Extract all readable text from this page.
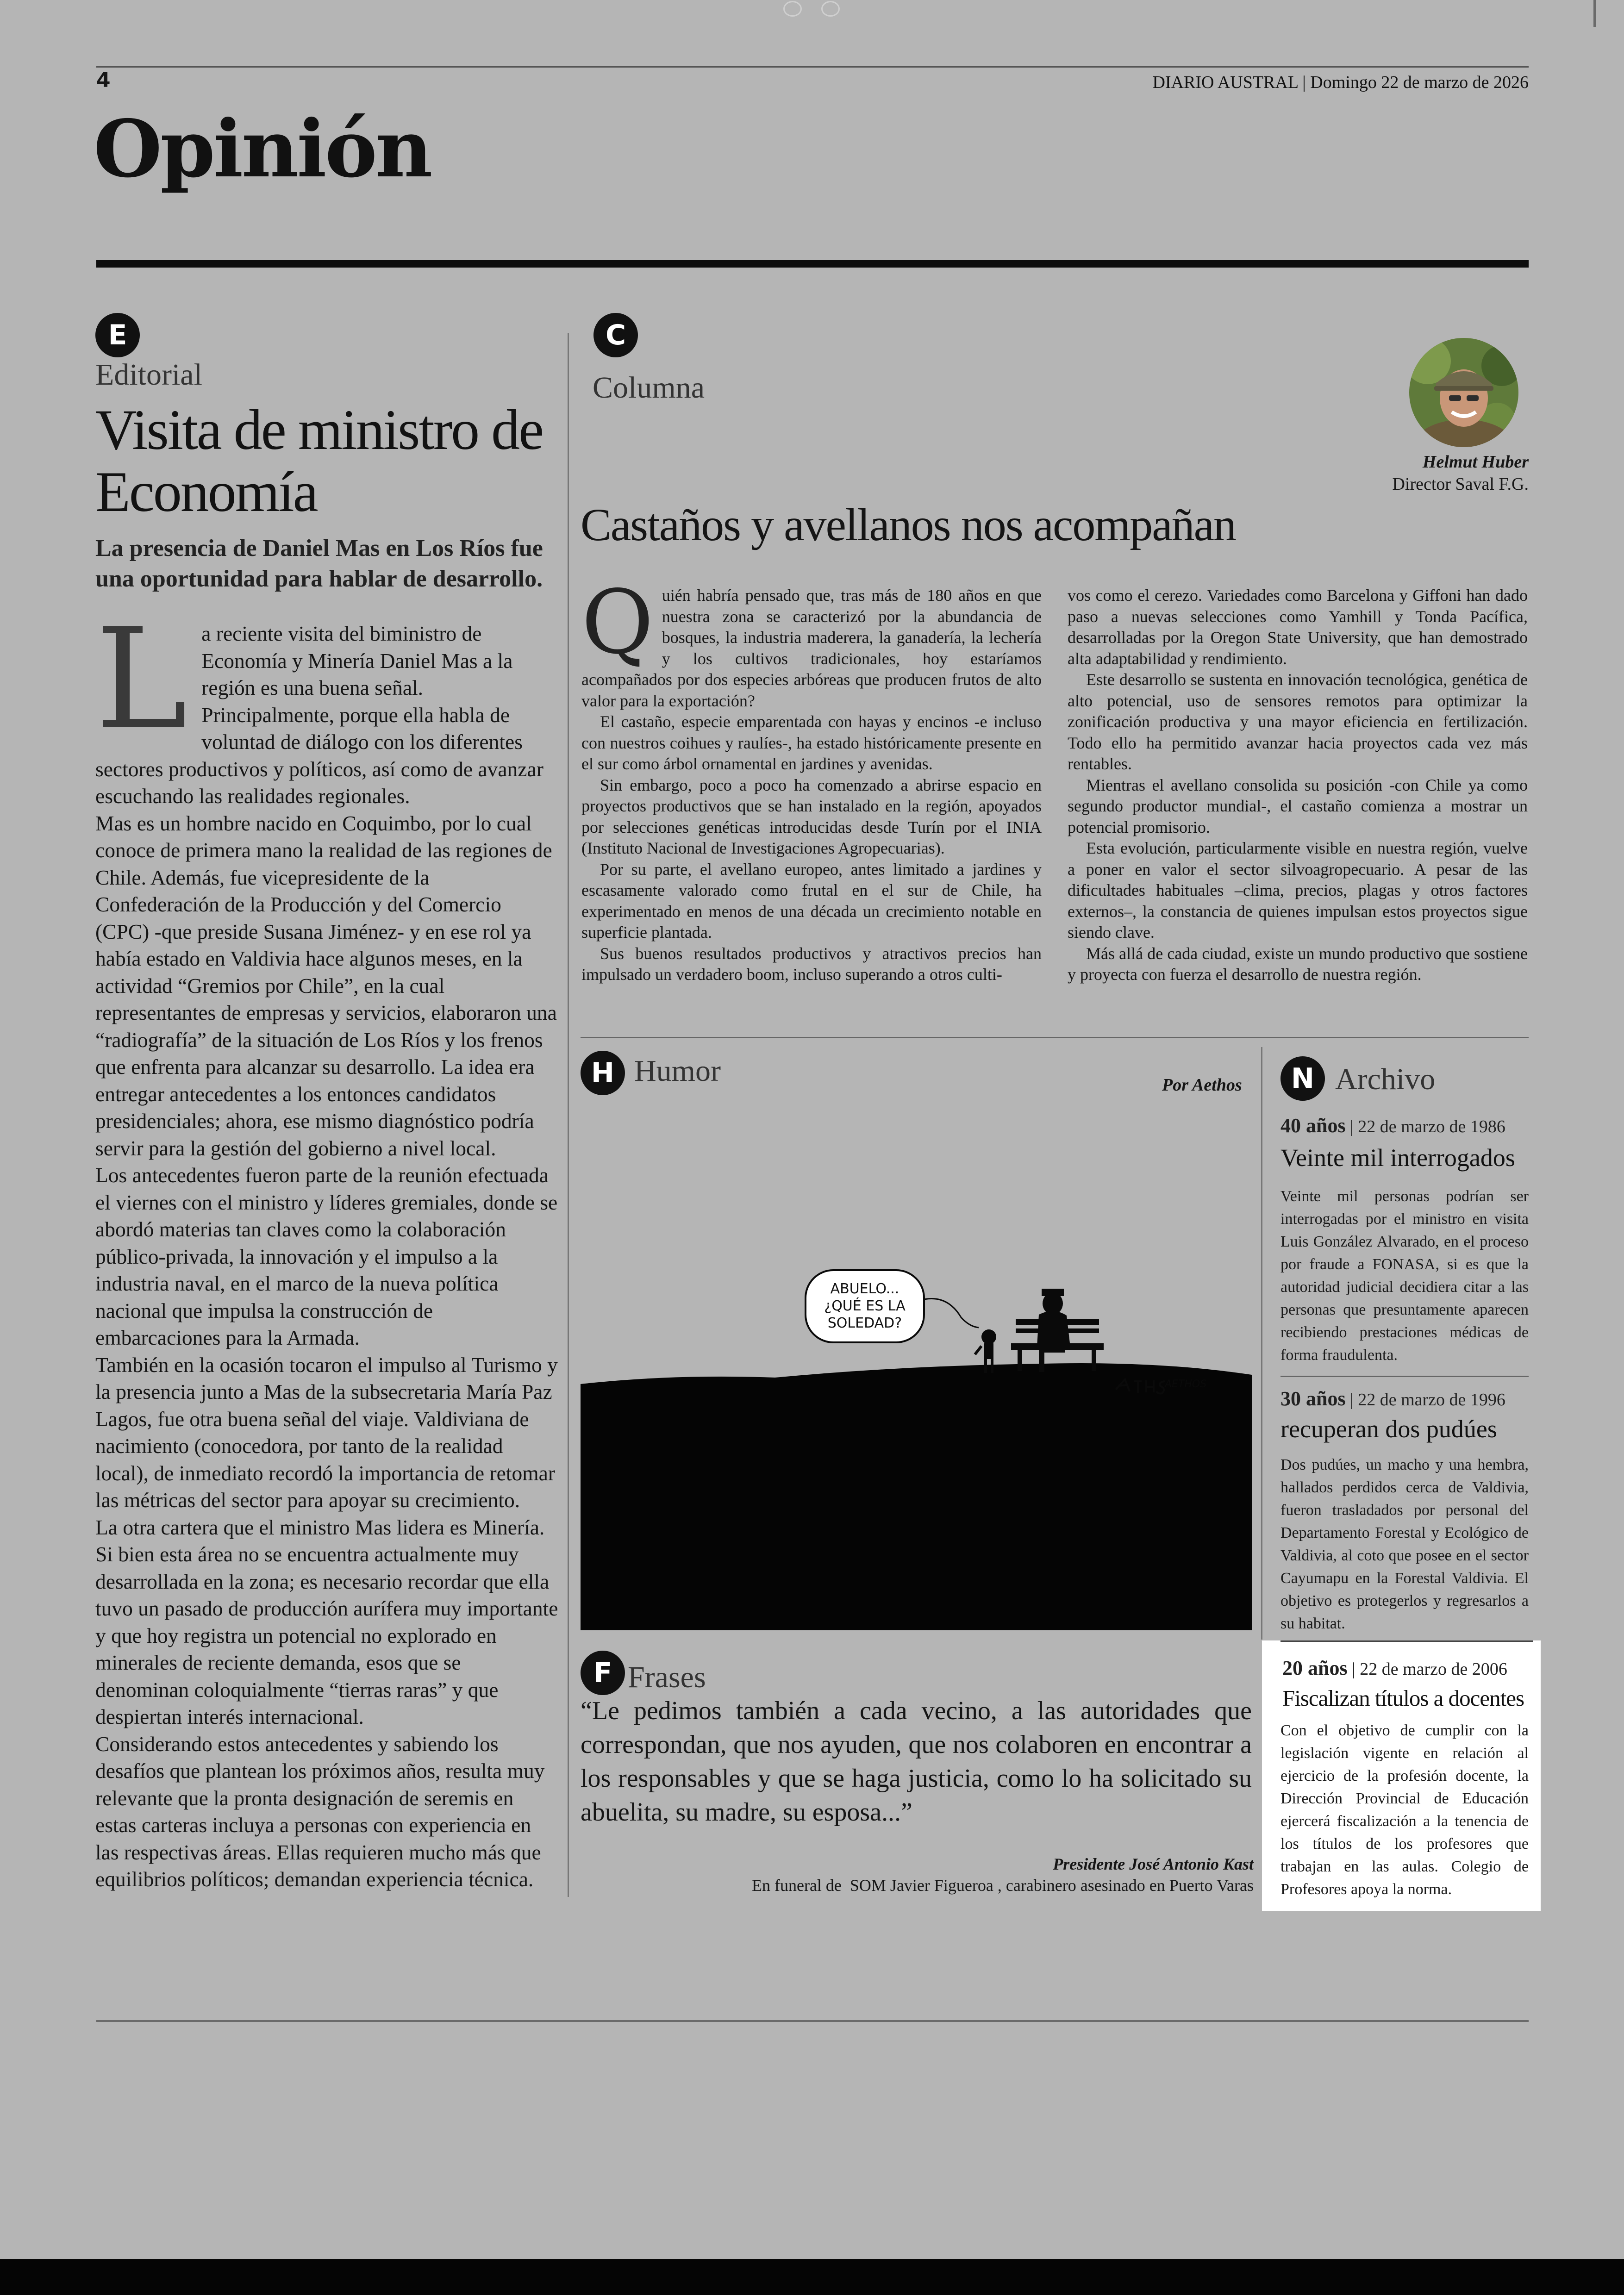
4	DIARIO AUSTRAL | Domingo 22 de marzo de 2026
Opinión
E
Editorial
Visita de ministro de Economía
La presencia de Daniel Mas en Los Ríos fue una oportunidad para hablar de desarrollo.
L a reciente visita del biministro de Economía y Minería Daniel Mas a la región es una buena señal. Principalmente, porque ella habla de voluntad de diálogo con los diferentes sectores productivos y políticos, así como de avanzar escuchando las realidades regionales.

Mas es un hombre nacido en Coquimbo, por lo cual conoce de primera mano la realidad de las regiones de Chile. Además, fue vicepresidente de la Confederación de la Producción y del Comercio (CPC) -que preside Susana Jiménez- y en ese rol ya había estado en Valdivia hace algunos meses, en la actividad “Gremios por Chile”, en la cual representantes de empresas y servicios, elaboraron una “radiografía” de la situación de Los Ríos y los frenos que enfrenta para alcanzar su desarrollo. La idea era entregar antecedentes a los entonces candidatos presidenciales; ahora, ese mismo diagnóstico podría servir para la gestión del gobierno a nivel local.

Los antecedentes fueron parte de la reunión efectuada el viernes con el ministro y líderes gremiales, donde se abordó materias tan claves como la colaboración público-privada, la innovación y el impulso a la industria naval, en el marco de la nueva política nacional que impulsa la construcción de embarcaciones para la Armada.

También en la ocasión tocaron el impulso al Turismo y la presencia junto a Mas de la subsecretaria María Paz Lagos, fue otra buena señal del viaje. Valdiviana de nacimiento (conocedora, por tanto de la realidad local), de inmediato recordó la importancia de retomar las métricas del sector para apoyar su crecimiento.

La otra cartera que el ministro Mas lidera es Minería. Si bien esta área no se encuentra actualmente muy desarrollada en la zona; es necesario recordar que ella tuvo un pasado de producción aurífera muy importante y que hoy registra un potencial no explorado en minerales de reciente demanda, esos que se denominan coloquialmente “tierras raras” y que despiertan interés internacional.

Considerando estos antecedentes y sabiendo los desafíos que plantean los próximos años, resulta muy relevante que la pronta designación de seremis en estas carteras incluya a personas con experiencia en las respectivas áreas. Ellas requieren mucho más que equilibrios políticos; demandan experiencia técnica.

C
Columna
Helmut Huber
Director Saval F.G.
Castaños y avellanos nos acompañan
Q uién habría pensado que, tras más de 180 años en que nuestra zona se caracterizó por la abundancia de bosques, la industria maderera, la ganadería, la lechería y los cultivos tradicionales, hoy estaríamos acompañados por dos especies arbóreas que producen frutos de alto valor para la exportación?

El castaño, especie emparentada con hayas y encinos -e incluso con nuestros coihues y raulíes-, ha estado históricamente presente en el sur como árbol ornamental en jardines y avenidas.

Sin embargo, poco a poco ha comenzado a abrirse espacio en proyectos productivos que se han instalado en la región, apoyados por selecciones genéticas introducidas desde Turín por el INIA (Instituto Nacional de Investigaciones Agropecuarias).

Por su parte, el avellano europeo, antes limitado a jardines y escasamente valorado como frutal en el sur de Chile, ha experimentado en menos de una década un crecimiento notable en superficie plantada.

Sus buenos resultados productivos y atractivos precios han impulsado un verdadero boom, incluso superando a otros culti-

vos como el cerezo. Variedades como Barcelona y Giffoni han dado paso a nuevas selecciones como Yamhill y Tonda Pacífica, desarrolladas por la Oregon State University, que han demostrado alta adaptabilidad y rendimiento.

Este desarrollo se sustenta en innovación tecnológica, genética de alto potencial, uso de sensores remotos para optimizar la zonificación productiva y una mayor eficiencia en fertilización. Todo ello ha permitido avanzar hacia proyectos cada vez más rentables.

Mientras el avellano consolida su posición -con Chile ya como segundo productor mundial-, el castaño comienza a mostrar un potencial promisorio.

Esta evolución, particularmente visible en nuestra región, vuelve a poner en valor el sector silvoagropecuario. A pesar de las dificultades habituales –clima, precios, plagas y otros factores externos–, la constancia de quienes impulsan estos proyectos sigue siendo clave.

Más allá de cada ciudad, existe un mundo productivo que sostiene y proyecta con fuerza el desarrollo de nuestra región.

H Humor	Por Aethos
ABUELO...
¿QUÉ ES LA
SOLEDAD?
AETHOS
F Frases
“Le pedimos también a cada vecino, a las autoridades que correspondan, que nos ayuden, que nos colaboren en encontrar a los responsables y que se haga justicia, como lo ha solicitado su abuelita, su madre, su esposa...”
Presidente José Antonio Kast
En funeral de  SOM Javier Figueroa , carabinero asesinado en Puerto Varas
N Archivo
40 años | 22 de marzo de 1986
Veinte mil interrogados
Veinte mil personas podrían ser interrogadas por el ministro en visita Luis González Alvarado, en el proceso por fraude a FONASA, si es que la autoridad judicial decidiera citar a las personas que presuntamente aparecen recibiendo prestaciones médicas de forma fraudulenta.
30 años | 22 de marzo de 1996
recuperan dos pudúes
Dos pudúes, un macho y una hembra, hallados perdidos cerca de Valdivia, fueron trasladados por personal del Departamento Forestal y Ecológico de Valdivia, al coto que posee en el sector Cayumapu en la Forestal Valdivia. El objetivo es protegerlos y regresarlos a su habitat.
20 años | 22 de marzo de 2006
Fiscalizan títulos a docentes
Con el objetivo de cumplir con la legislación vigente en relación al ejercicio de la profesión docente, la Dirección Provincial de Educación ejercerá fiscalización a la tenencia de los títulos de los profesores que trabajan en las aulas. Colegio de Profesores apoya la norma.
